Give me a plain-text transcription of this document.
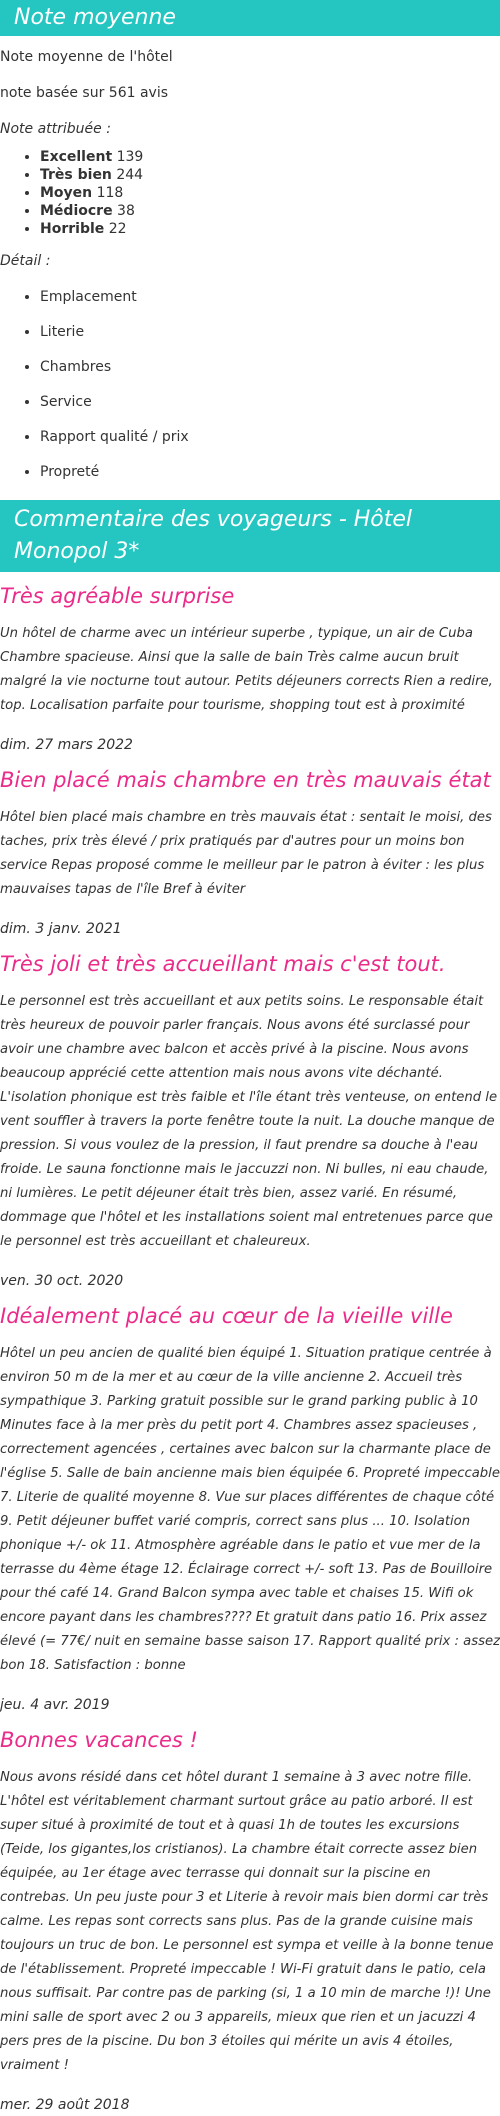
Note moyenne
Note moyenne de l'hôtel
note basée sur 561 avis
Note attribuée :
• Excellent 139
• Très bien 244
• Moyen 118
• Médiocre 38
• Horrible 22
Détail :
• Emplacement
• Literie
• Chambres
• Service
• Rapport qualité / prix
• Propreté
Commentaire des voyageurs - Hôtel Monopol 3*
Très agréable surprise

Un hôtel de charme avec un intérieur superbe , typique, un air de Cuba Chambre spacieuse. Ainsi que la salle de bain Très calme aucun bruit malgré la vie nocturne tout autour. Petits déjeuners corrects Rien a redire, top. Localisation parfaite pour tourisme, shopping tout est à proximité

dim. 27 mars 2022
Bien placé mais chambre en très mauvais état

Hôtel bien placé mais chambre en très mauvais état : sentait le moisi, des taches, prix très élevé / prix pratiqués par d'autres pour un moins bon service Repas proposé comme le meilleur par le patron à éviter : les plus mauvaises tapas de l'île Bref à éviter

dim. 3 janv. 2021
Très joli et très accueillant mais c'est tout.

Le personnel est très accueillant et aux petits soins. Le responsable était très heureux de pouvoir parler français. Nous avons été surclassé pour avoir une chambre avec balcon et accès privé à la piscine. Nous avons beaucoup apprécié cette attention mais nous avons vite déchanté. L'isolation phonique est très faible et l'île étant très venteuse, on entend le vent souffler à travers la porte fenêtre toute la nuit. La douche manque de pression. Si vous voulez de la pression, il faut prendre sa douche à l'eau froide. Le sauna fonctionne mais le jaccuzzi non. Ni bulles, ni eau chaude, ni lumières. Le petit déjeuner était très bien, assez varié. En résumé, dommage que l'hôtel et les installations soient mal entretenues parce que le personnel est très accueillant et chaleureux.

ven. 30 oct. 2020
Idéalement placé au cœur de la vieille ville

Hôtel un peu ancien de qualité bien équipé 1. Situation pratique centrée à environ 50 m de la mer et au cœur de la ville ancienne 2. Accueil très sympathique 3. Parking gratuit possible sur le grand parking public à 10 Minutes face à la mer près du petit port 4. Chambres assez spacieuses , correctement agencées , certaines avec balcon sur la charmante place de l'église 5. Salle de bain ancienne mais bien équipée 6. Propreté impeccable 7. Literie de qualité moyenne 8. Vue sur places différentes de chaque côté 9. Petit déjeuner buffet varié compris, correct sans plus ... 10. Isolation phonique +/- ok 11. Atmosphère agréable dans le patio et vue mer de la terrasse du 4ème étage 12. Éclairage correct +/- soft 13. Pas de Bouilloire pour thé café 14. Grand Balcon sympa avec table et chaises 15. Wifi ok encore payant dans les chambres???? Et gratuit dans patio 16. Prix assez élevé (= 77€/ nuit en semaine basse saison 17. Rapport qualité prix : assez bon 18. Satisfaction : bonne

jeu. 4 avr. 2019
Bonnes vacances !

Nous avons résidé dans cet hôtel durant 1 semaine à 3 avec notre fille. L'hôtel est véritablement charmant surtout grâce au patio arboré. Il est super situé à proximité de tout et à quasi 1h de toutes les excursions (Teide, los gigantes,los cristianos). La chambre était correcte assez bien équipée, au 1er étage avec terrasse qui donnait sur la piscine en contrebas. Un peu juste pour 3 et Literie à revoir mais bien dormi car très calme. Les repas sont corrects sans plus. Pas de la grande cuisine mais toujours un truc de bon. Le personnel est sympa et veille à la bonne tenue de l'établissement. Propreté impeccable ! Wi-Fi gratuit dans le patio, cela nous suffisait. Par contre pas de parking (si, 1 a 10 min de marche !)! Une mini salle de sport avec 2 ou 3 appareils, mieux que rien et un jacuzzi 4 pers pres de la piscine. Du bon 3 étoiles qui mérite un avis 4 étoiles, vraiment !

mer. 29 août 2018
